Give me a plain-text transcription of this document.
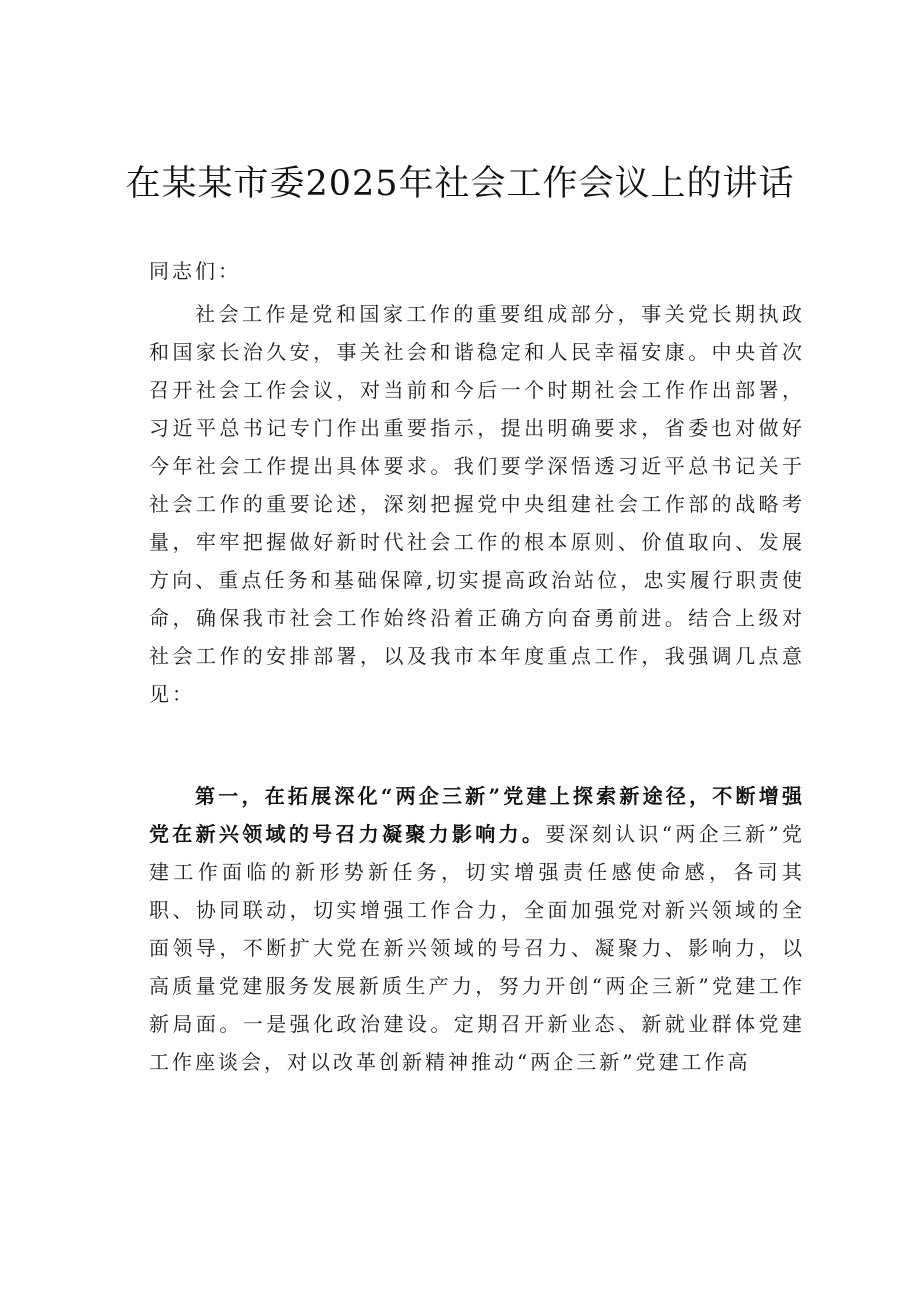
在某某市委2025年社会工作会议上的讲话

同志们：

社会工作是党和国家工作的重要组成部分，事关党长期执政和国家长治久安，事关社会和谐稳定和人民幸福安康。中央首次召开社会工作会议，对当前和今后一个时期社会工作作出部署，习近平总书记专门作出重要指示，提出明确要求，省委也对做好今年社会工作提出具体要求。我们要学深悟透习近平总书记关于社会工作的重要论述，深刻把握党中央组建社会工作部的战略考量，牢牢把握做好新时代社会工作的根本原则、价值取向、发展方向、重点任务和基础保障,切实提高政治站位，忠实履行职责使命，确保我市社会工作始终沿着正确方向奋勇前进。结合上级对社会工作的安排部署，以及我市本年度重点工作，我强调几点意见：

第一，在拓展深化“两企三新”党建上探索新途径，不断增强党在新兴领域的号召力凝聚力影响力。要深刻认识“两企三新”党建工作面临的新形势新任务，切实增强责任感使命感，各司其职、协同联动，切实增强工作合力，全面加强党对新兴领域的全面领导，不断扩大党在新兴领域的号召力、凝聚力、影响力，以高质量党建服务发展新质生产力，努力开创“两企三新”党建工作新局面。一是强化政治建设。定期召开新业态、新就业群体党建工作座谈会，对以改革创新精神推动“两企三新”党建工作高
